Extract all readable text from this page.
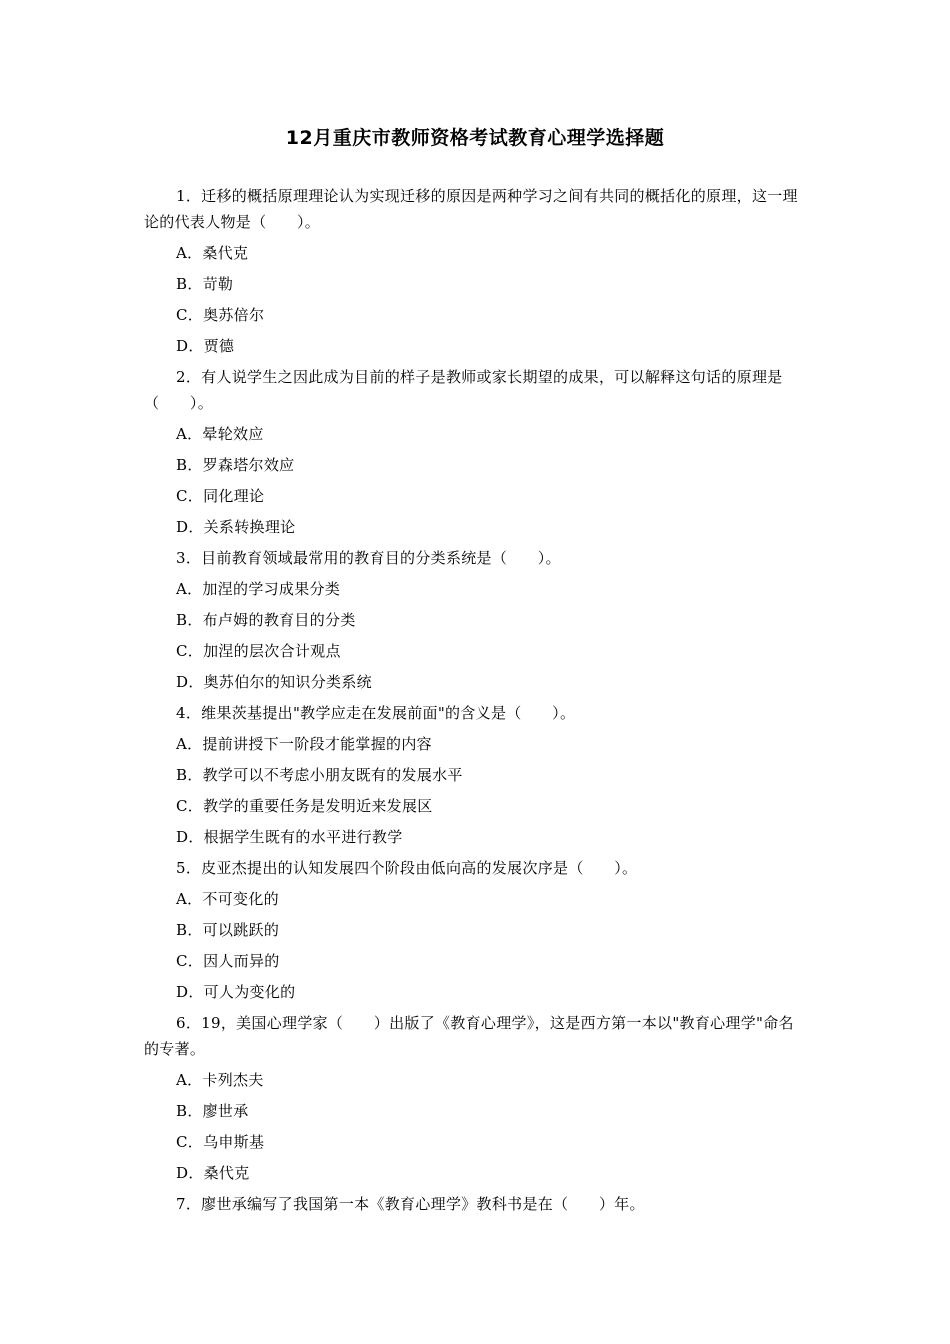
12月重庆市教师资格考试教育心理学选择题

1．迁移的概括原理理论认为实现迁移的原因是两种学习之间有共同的概括化的原理，这一理论的代表人物是（　　）。

A．桑代克
B．苛勒
C．奥苏倍尔
D．贾德

2．有人说学生之因此成为目前的样子是教师或家长期望的成果，可以解释这句话的原理是（　　）。

A．晕轮效应
B．罗森塔尔效应
C．同化理论
D．关系转换理论

3．目前教育领域最常用的教育目的分类系统是（　　）。

A．加涅的学习成果分类
B．布卢姆的教育目的分类
C．加涅的层次合计观点
D．奥苏伯尔的知识分类系统

4．维果茨基提出"教学应走在发展前面"的含义是（　　）。

A．提前讲授下一阶段才能掌握的内容
B．教学可以不考虑小朋友既有的发展水平
C．教学的重要任务是发明近来发展区
D．根据学生既有的水平进行教学

5．皮亚杰提出的认知发展四个阶段由低向高的发展次序是（　　）。

A．不可变化的
B．可以跳跃的
C．因人而异的
D．可人为变化的

6．19，美国心理学家（　　）出版了《教育心理学》，这是西方第一本以"教育心理学"命名的专著。

A．卡列杰夫
B．廖世承
C．乌申斯基
D．桑代克

7．廖世承编写了我国第一本《教育心理学》教科书是在（　　）年。
